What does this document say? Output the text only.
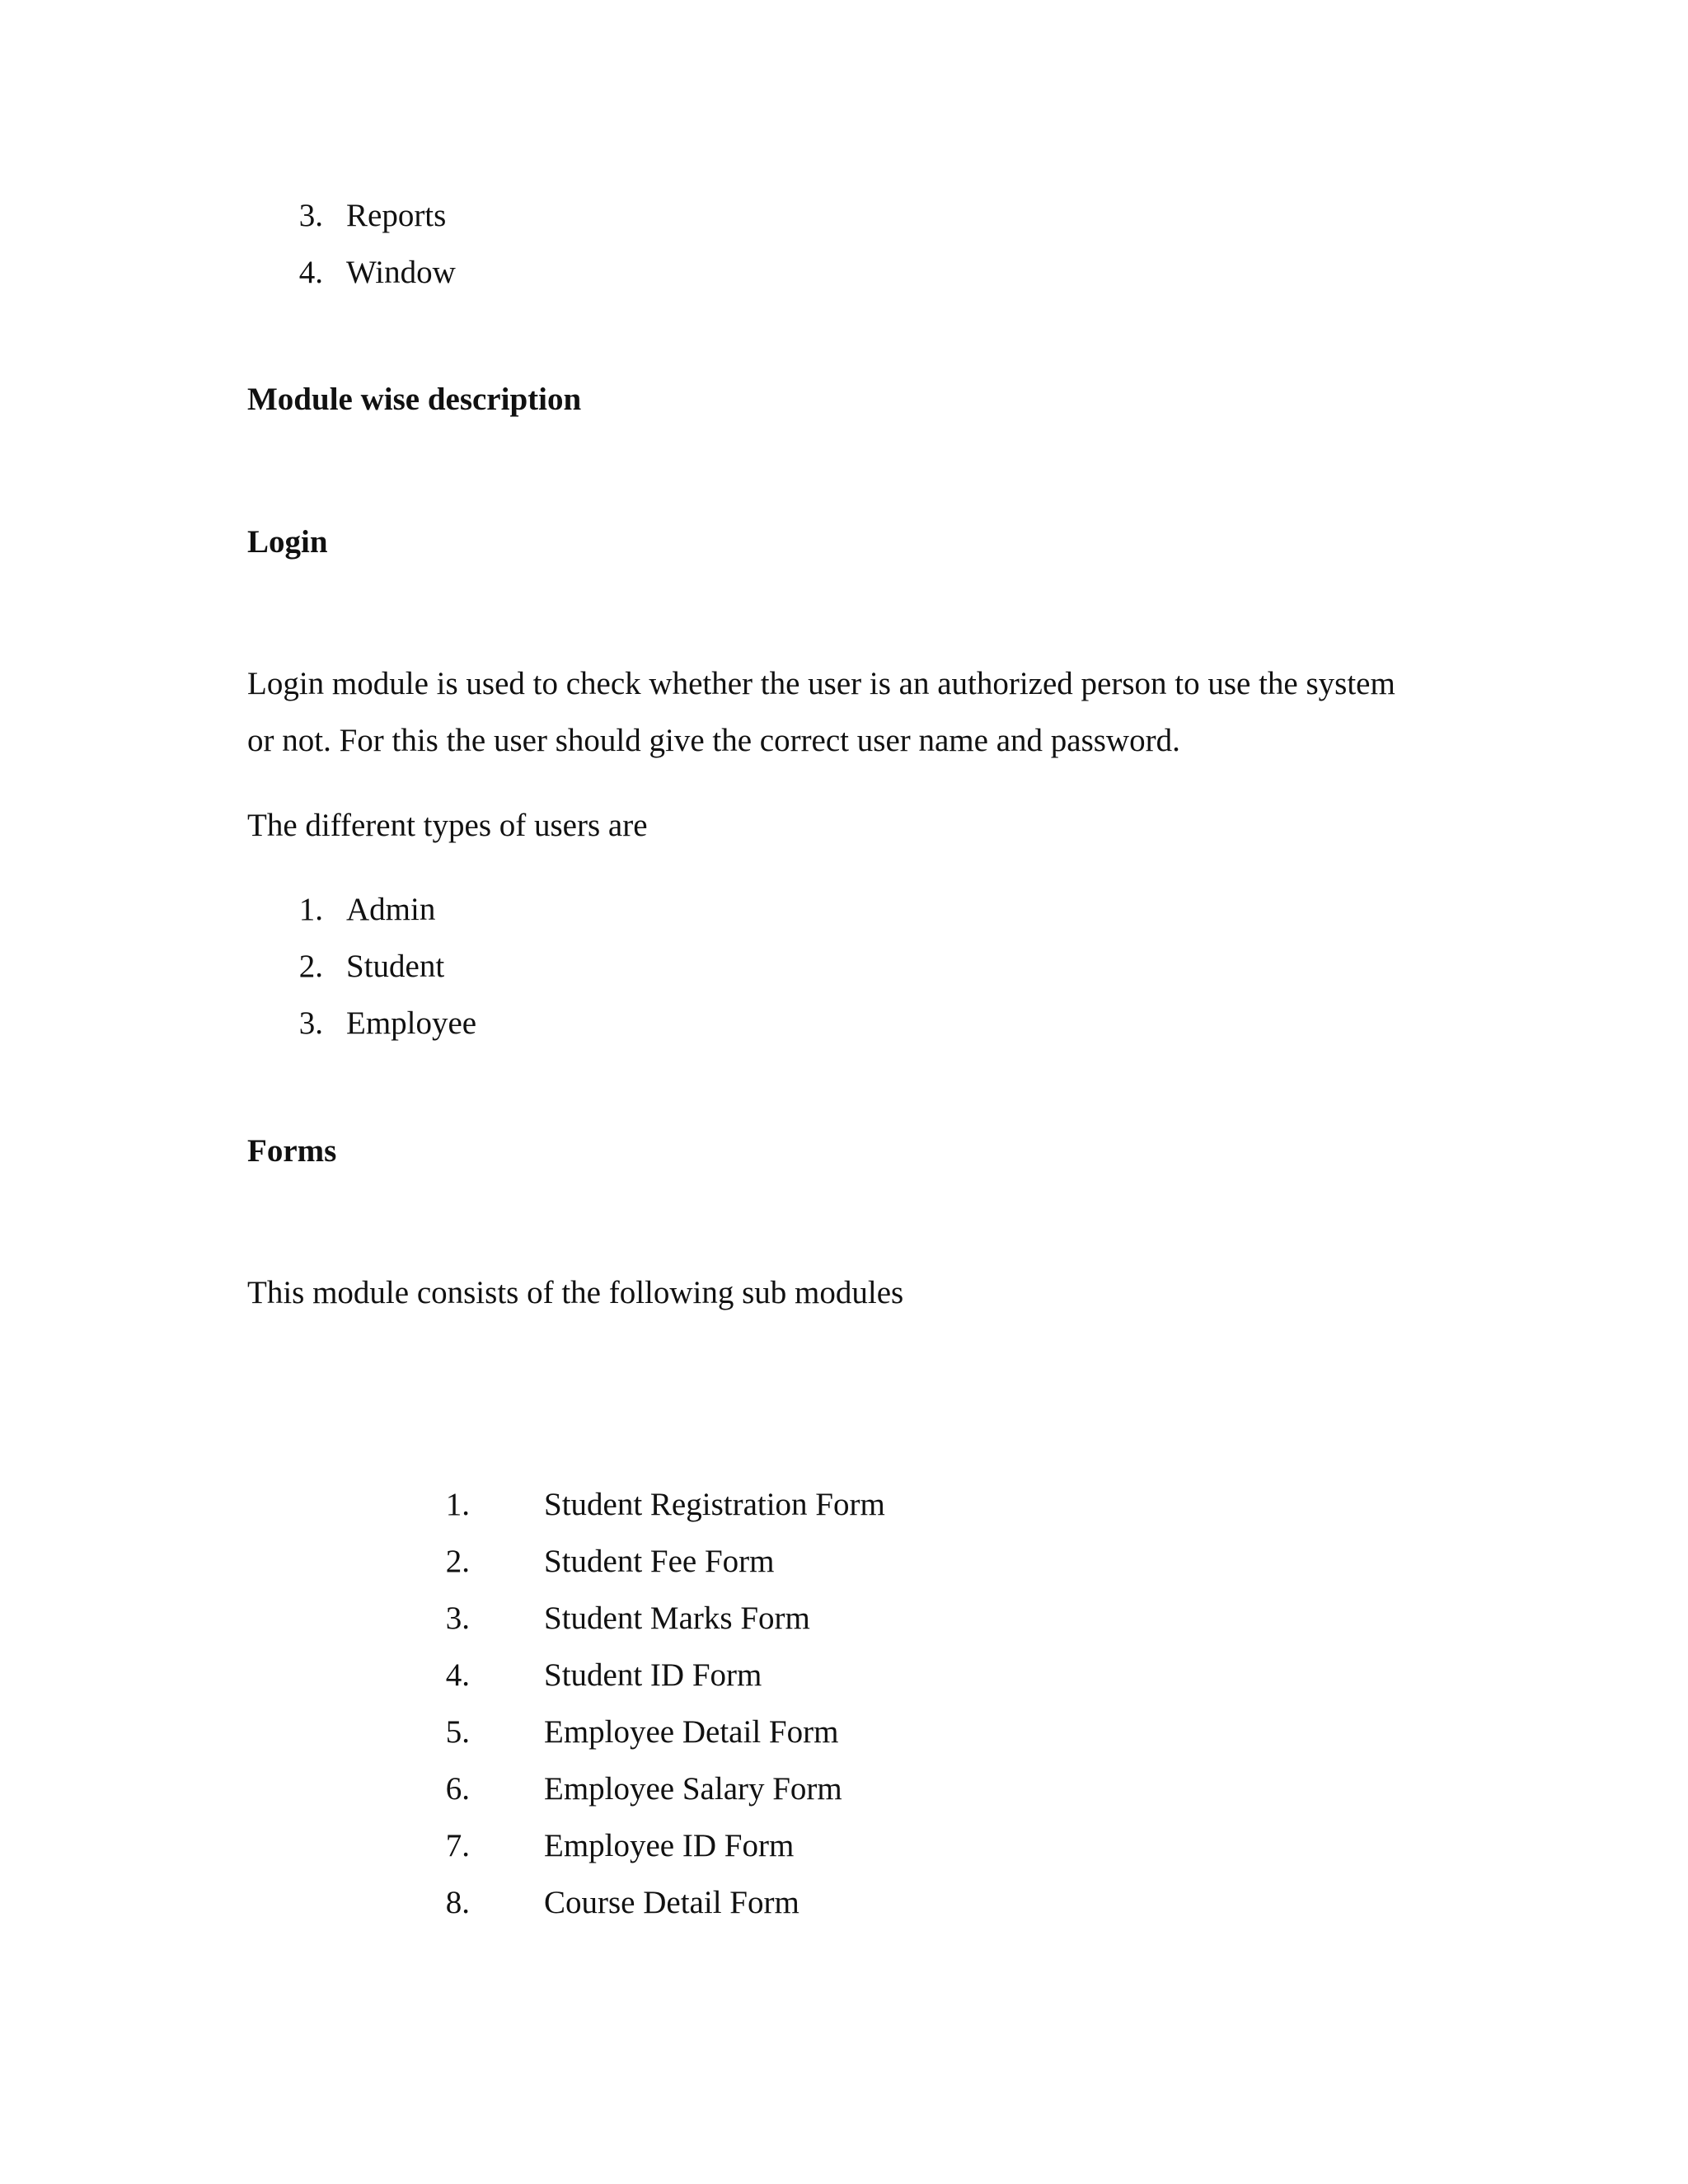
3. Reports
4. Window
Module wise description
Login
Login module is used to check whether the user is an authorized person to use the system
or not. For this the user should give the correct user name and password.
The different types of users are
1. Admin
2. Student
3. Employee
Forms
This module consists of the following sub modules
1. Student Registration Form
2. Student Fee Form
3. Student Marks Form
4. Student ID Form
5. Employee Detail Form
6. Employee Salary Form
7. Employee ID Form
8. Course Detail Form
